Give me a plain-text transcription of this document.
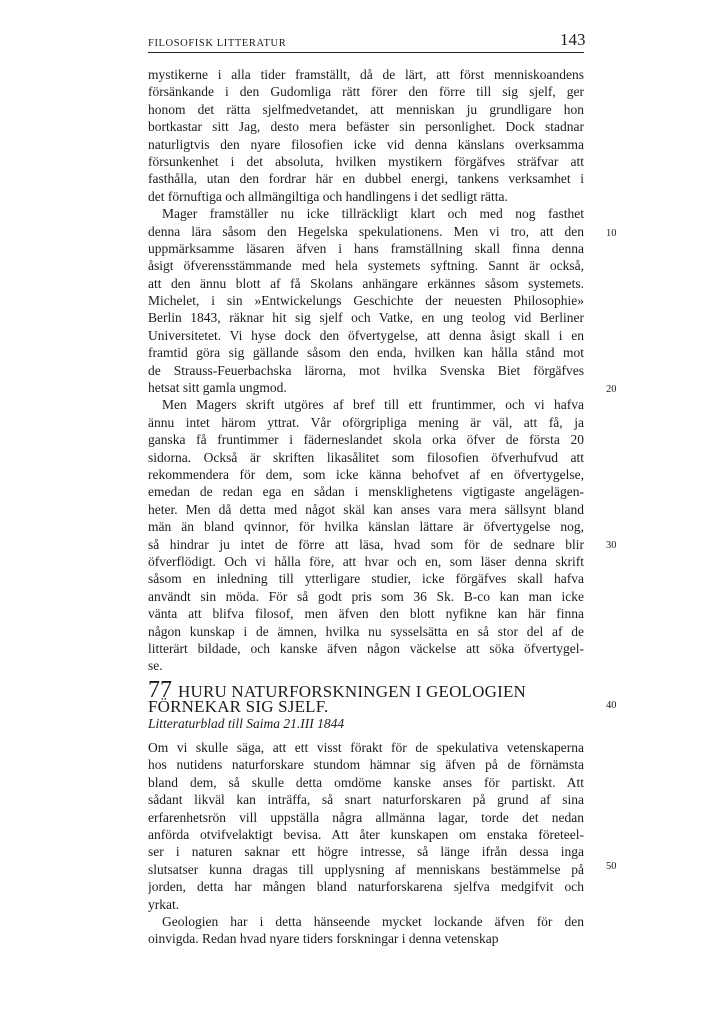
FILOSOFISK LITTERATUR	143
mystikerne i alla tider framställt, då de lärt, att först menniskoandens
försänkande i den Gudomliga rätt förer den förre till sig sjelf, ger
honom det rätta sjelfmedvetandet, att menniskan ju grundligare hon
bortkastar sitt Jag, desto mera befäster sin personlighet. Dock stadnar
naturligtvis den nyare filosofien icke vid denna känslans overksamma
försunkenhet i det absoluta, hvilken mystikern förgäfves sträfvar att
fasthålla, utan den fordrar här en dubbel energi, tankens verksamhet i
det förnuftiga och allmängiltiga och handlingens i det sedligt rätta.
Mager framställer nu icke tillräckligt klart och med nog fasthet
denna lära såsom den Hegelska spekulationens. Men vi tro, att den
uppmärksamme läsaren äfven i hans framställning skall finna denna
åsigt öfverensstämmande med hela systemets syftning. Sannt är också,
att den ännu blott af få Skolans anhängare erkännes såsom systemets.
Michelet, i sin »Entwickelungs Geschichte der neuesten Philosophie»
Berlin 1843, räknar hit sig sjelf och Vatke, en ung teolog vid Berliner
Universitetet. Vi hyse dock den öfvertygelse, att denna åsigt skall i en
framtid göra sig gällande såsom den enda, hvilken kan hålla stånd mot
de Strauss-Feuerbachska lärorna, mot hvilka Svenska Biet förgäfves
hetsat sitt gamla ungmod.
Men Magers skrift utgöres af bref till ett fruntimmer, och vi hafva
ännu intet härom yttrat. Vår oförgripliga mening är väl, att få, ja
ganska få fruntimmer i fäderneslandet skola orka öfver de första 20
sidorna. Också är skriften likasålitet som filosofien öfverhufvud att
rekommendera för dem, som icke känna behofvet af en öfvertygelse,
emedan de redan ega en sådan i mensklighetens vigtigaste angelägen-
heter. Men då detta med något skäl kan anses vara mera sällsynt bland
män än bland qvinnor, för hvilka känslan lättare är öfvertygelse nog,
så hindrar ju intet de förre att läsa, hvad som för de sednare blir
öfverflödigt. Och vi hålla före, att hvar och en, som läser denna skrift
såsom en inledning till ytterligare studier, icke förgäfves skall hafva
användt sin möda. För så godt pris som 36 Sk. B-co kan man icke
vänta att blifva filosof, men äfven den blott nyfikne kan här finna
någon kunskap i de ämnen, hvilka nu sysselsätta en så stor del af de
litterärt bildade, och kanske äfven någon väckelse att söka öfvertygel-
se.
77 HURU NATURFORSKNINGEN I GEOLOGIEN
FÖRNEKAR SIG SJELF.
Litteraturblad till Saima 21.III 1844
Om vi skulle säga, att ett visst förakt för de spekulativa vetenskaperna
hos nutidens naturforskare stundom hämnar sig äfven på de förnämsta
bland dem, så skulle detta omdöme kanske anses för partiskt. Att
sådant likväl kan inträffa, så snart naturforskaren på grund af sina
erfarenhetsrön vill uppställa några allmänna lagar, torde det nedan
anförda otvifvelaktigt bevisa. Att åter kunskapen om enstaka företeel-
ser i naturen saknar ett högre intresse, så länge ifrån dessa inga
slutsatser kunna dragas till upplysning af menniskans bestämmelse på
jorden, detta har mången bland naturforskarena sjelfva medgifvit och
yrkat.
Geologien har i detta hänseende mycket lockande äfven för den
oinvigda. Redan hvad nyare tiders forskningar i denna vetenskap
10
20
30
40
50
